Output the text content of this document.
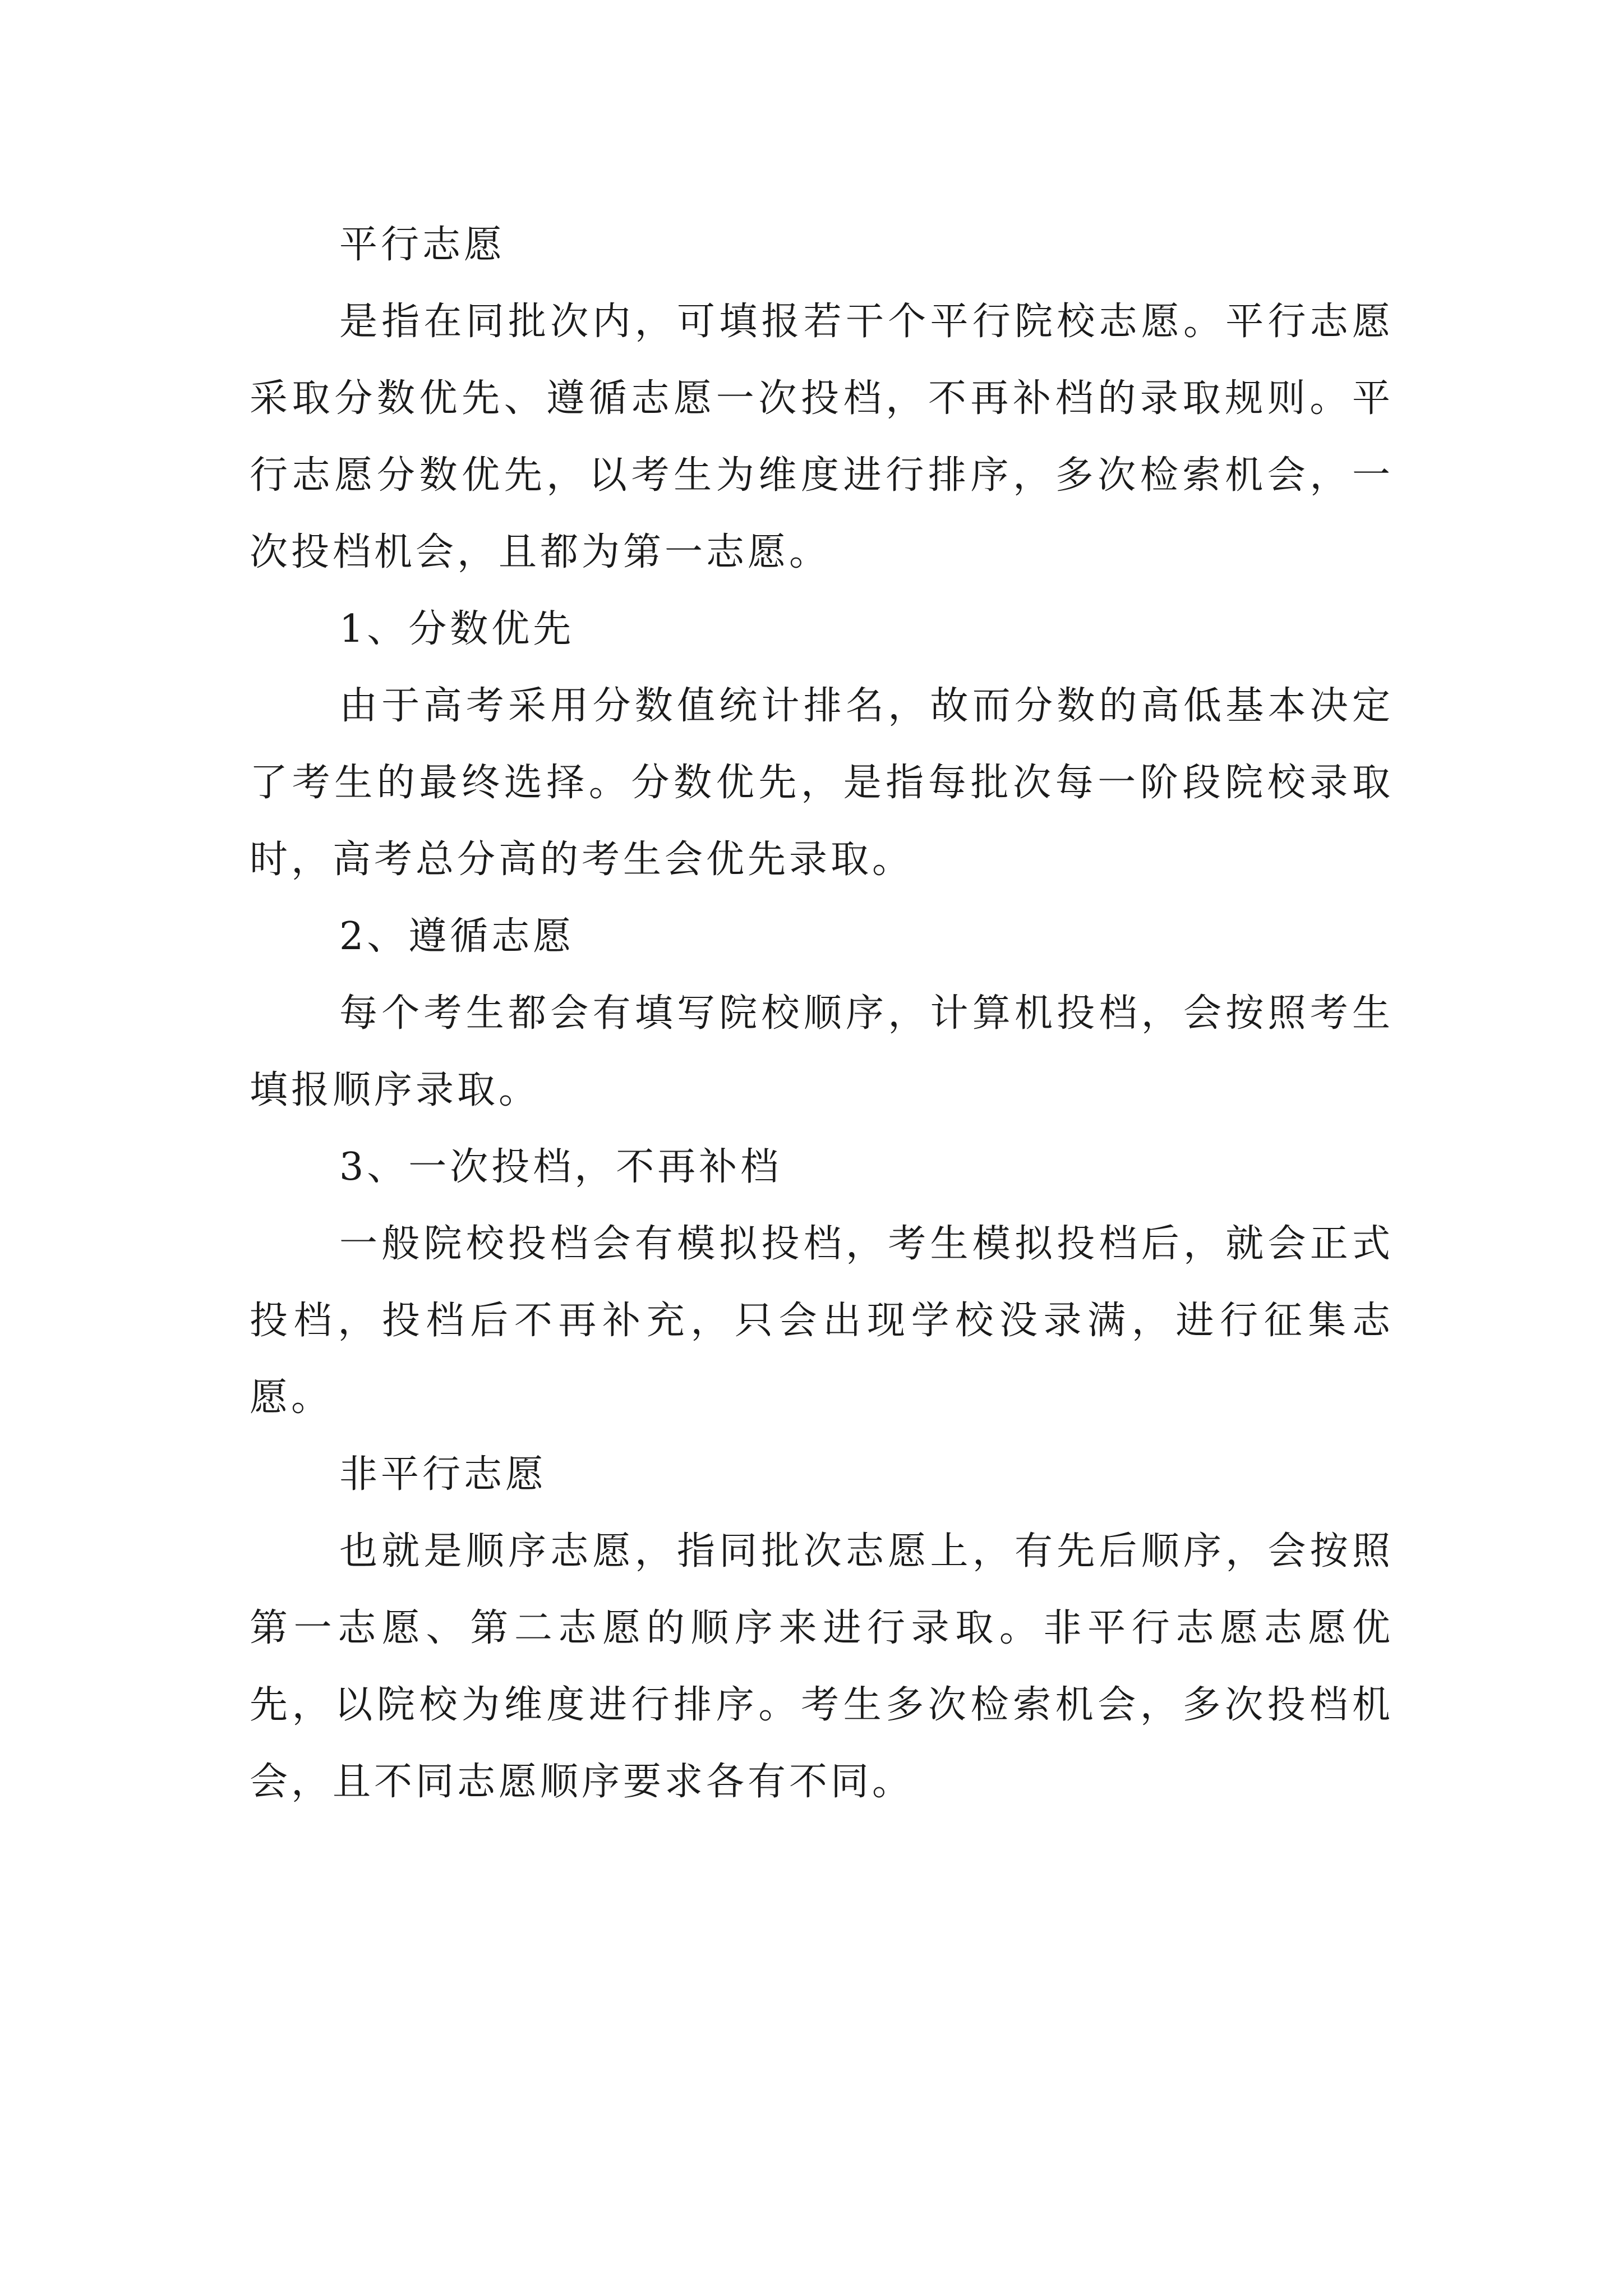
平行志愿

是指在同批次内，可填报若干个平行院校志愿。平行志愿采取分数优先、遵循志愿一次投档，不再补档的录取规则。平行志愿分数优先，以考生为维度进行排序，多次检索机会，一次投档机会，且都为第一志愿。

1、分数优先

由于高考采用分数值统计排名，故而分数的高低基本决定了考生的最终选择。分数优先，是指每批次每一阶段院校录取时，高考总分高的考生会优先录取。

2、遵循志愿

每个考生都会有填写院校顺序，计算机投档，会按照考生填报顺序录取。

3、一次投档，不再补档

一般院校投档会有模拟投档，考生模拟投档后，就会正式投档，投档后不再补充，只会出现学校没录满，进行征集志愿。

非平行志愿

也就是顺序志愿，指同批次志愿上，有先后顺序，会按照第一志愿、第二志愿的顺序来进行录取。非平行志愿志愿优先，以院校为维度进行排序。考生多次检索机会，多次投档机会，且不同志愿顺序要求各有不同。
